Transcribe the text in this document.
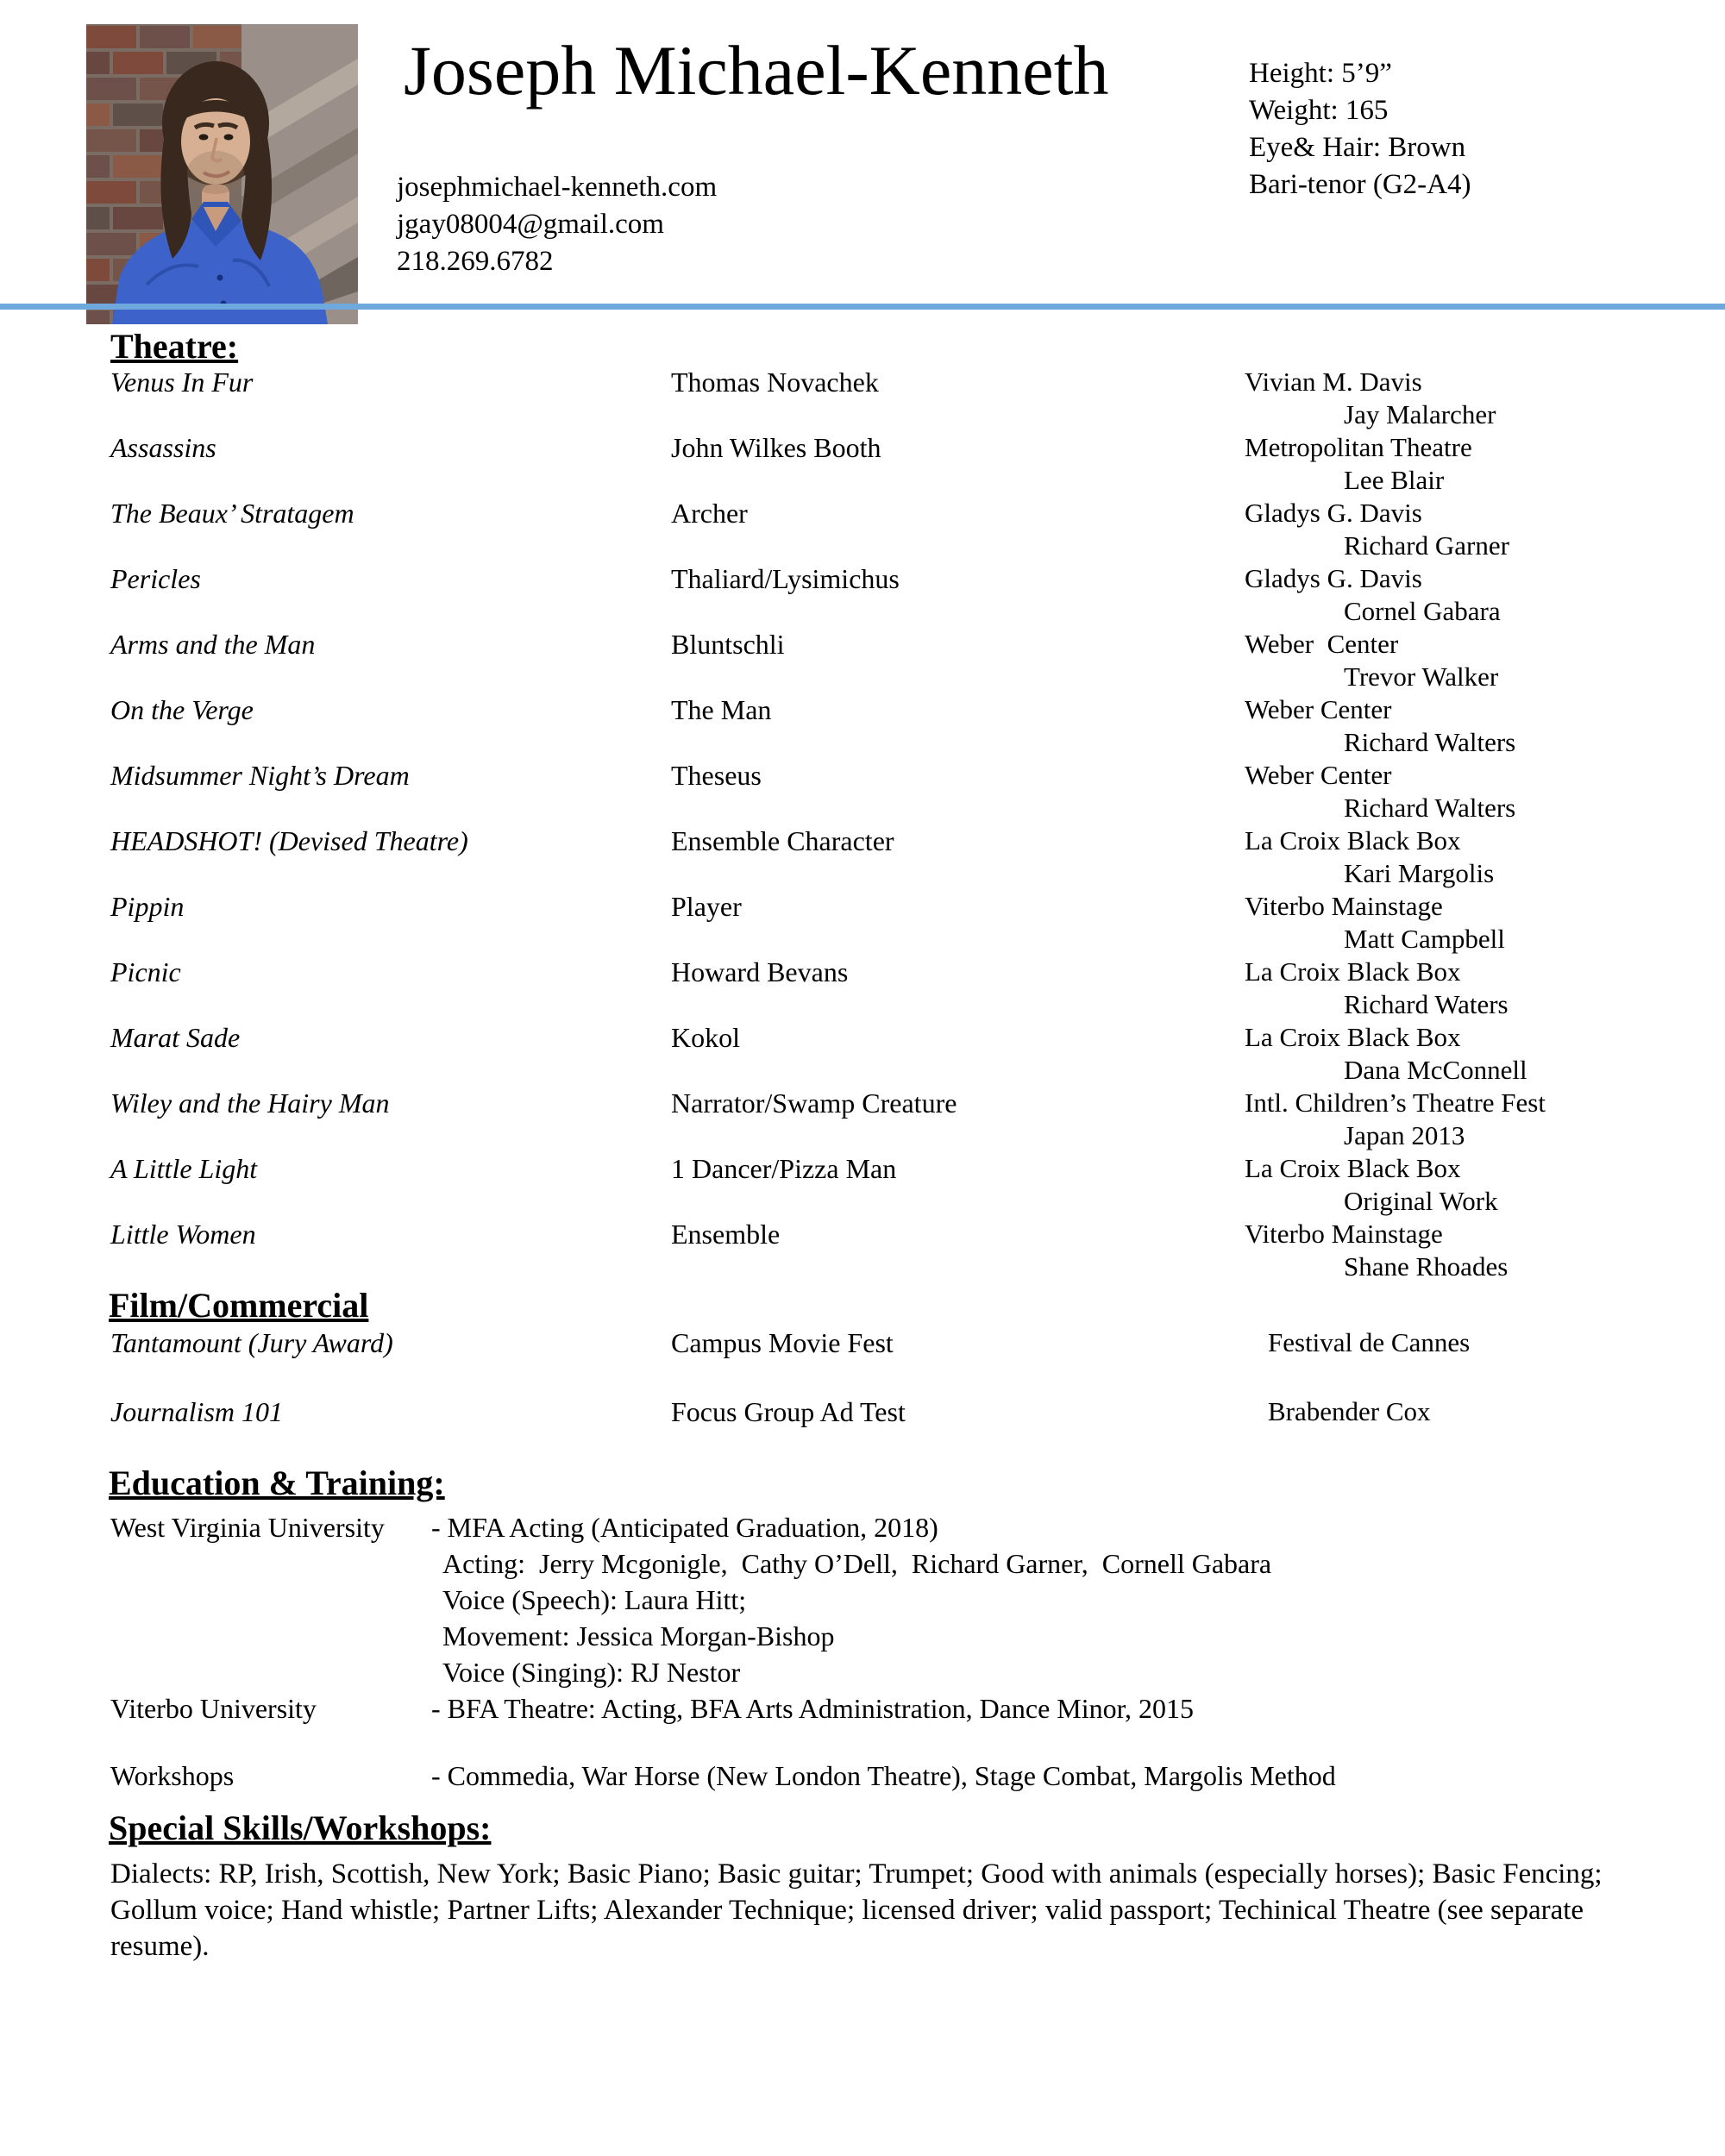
Joseph Michael-Kenneth
josephmichael-kenneth.com
jgay08004@gmail.com
218.269.6782
Height: 5’9”
Weight: 165
Eye& Hair: Brown
Bari-tenor (G2-A4)
Theatre:
Film/Commercial
Education & Training:
Special Skills/Workshops:
Venus In Fur	Thomas Novachek	Vivian M. Davis
Jay Malarcher
Assassins	John Wilkes Booth	Metropolitan Theatre
Lee Blair
The Beaux’ Stratagem	Archer	Gladys G. Davis
Richard Garner
Pericles	Thaliard/Lysimichus	Gladys G. Davis
Cornel Gabara
Arms and the Man	Bluntschli	Weber  Center
Trevor Walker
On the Verge	The Man	Weber Center
Richard Walters
Midsummer Night’s Dream	Theseus	Weber Center
Richard Walters
HEADSHOT! (Devised Theatre)	Ensemble Character	La Croix Black Box
Kari Margolis
Pippin	Player	Viterbo Mainstage
Matt Campbell
Picnic	Howard Bevans	La Croix Black Box
Richard Waters
Marat Sade	Kokol	La Croix Black Box
Dana McConnell
Wiley and the Hairy Man	Narrator/Swamp Creature	Intl. Children’s Theatre Fest
Japan 2013
A Little Light	1 Dancer/Pizza Man	La Croix Black Box
Original Work
Little Women	Ensemble	Viterbo Mainstage
Shane Rhoades
Tantamount (Jury Award)	Campus Movie Fest	Festival de Cannes
Journalism 101	Focus Group Ad Test	Brabender Cox
West Virginia University	- MFA Acting (Anticipated Graduation, 2018)
Acting:  Jerry Mcgonigle,  Cathy O’Dell,  Richard Garner,  Cornell Gabara
Voice (Speech): Laura Hitt;
Movement: Jessica Morgan-Bishop
Voice (Singing): RJ Nestor
Viterbo University	- BFA Theatre: Acting, BFA Arts Administration, Dance Minor, 2015
Workshops	- Commedia, War Horse (New London Theatre), Stage Combat, Margolis Method
Dialects: RP, Irish, Scottish, New York; Basic Piano; Basic guitar; Trumpet; Good with animals (especially horses); Basic Fencing; Gollum voice; Hand whistle; Partner Lifts; Alexander Technique; licensed driver; valid passport; Techinical Theatre (see separate resume).
